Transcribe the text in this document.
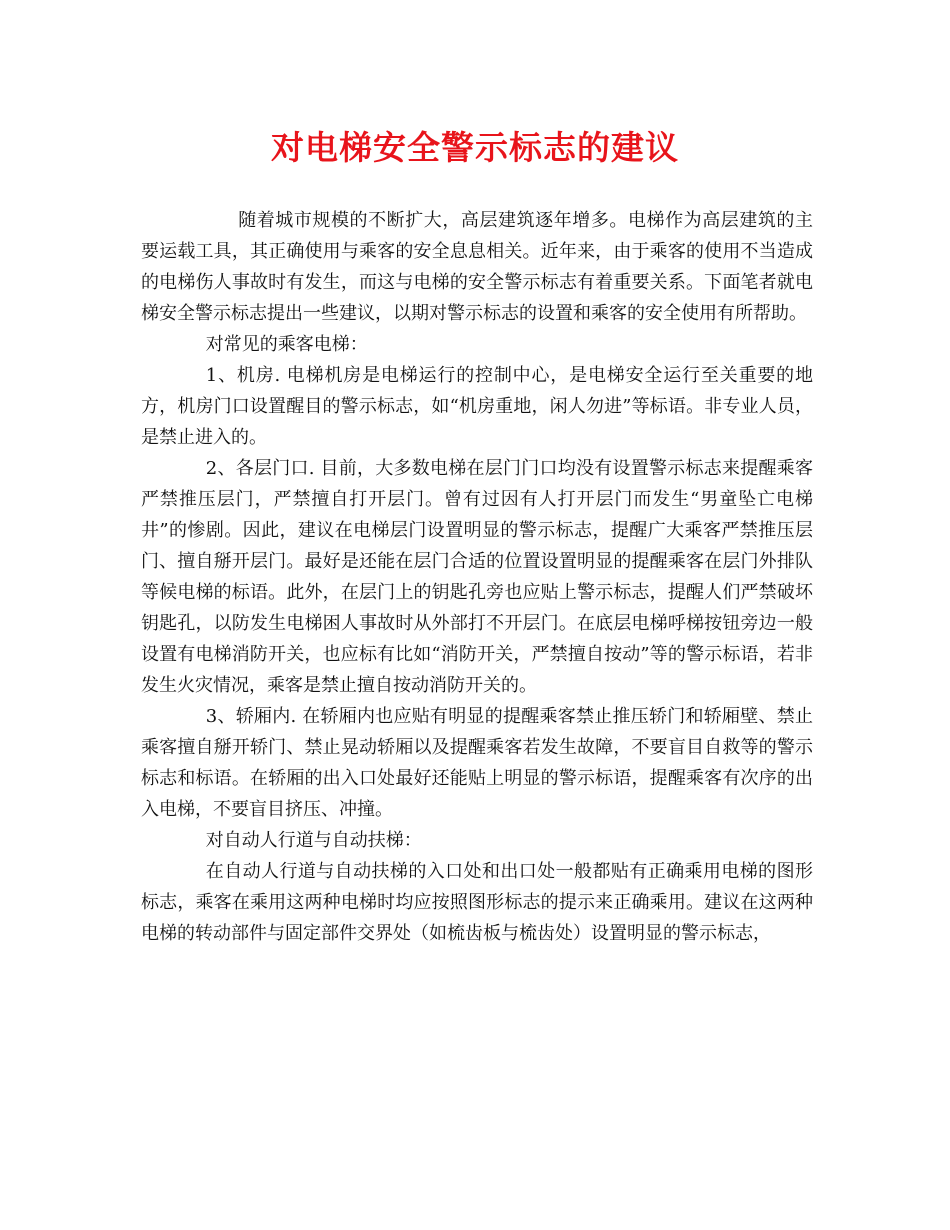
对电梯安全警示标志的建议

随着城市规模的不断扩大，高层建筑逐年增多。电梯作为高层建筑的主要运载工具，其正确使用与乘客的安全息息相关。近年来，由于乘客的使用不当造成的电梯伤人事故时有发生，而这与电梯的安全警示标志有着重要关系。下面笔者就电梯安全警示标志提出一些建议，以期对警示标志的设置和乘客的安全使用有所帮助。

对常见的乘客电梯：

1、机房. 电梯机房是电梯运行的控制中心，是电梯安全运行至关重要的地方，机房门口设置醒目的警示标志，如“机房重地，闲人勿进”等标语。非专业人员，是禁止进入的。

2、各层门口. 目前，大多数电梯在层门门口均没有设置警示标志来提醒乘客严禁推压层门，严禁擅自打开层门。曾有过因有人打开层门而发生“男童坠亡电梯井”的惨剧。因此，建议在电梯层门设置明显的警示标志，提醒广大乘客严禁推压层门、擅自掰开层门。最好是还能在层门合适的位置设置明显的提醒乘客在层门外排队等候电梯的标语。此外，在层门上的钥匙孔旁也应贴上警示标志，提醒人们严禁破坏钥匙孔，以防发生电梯困人事故时从外部打不开层门。在底层电梯呼梯按钮旁边一般设置有电梯消防开关，也应标有比如“消防开关，严禁擅自按动”等的警示标语，若非发生火灾情况，乘客是禁止擅自按动消防开关的。

3、轿厢内. 在轿厢内也应贴有明显的提醒乘客禁止推压轿门和轿厢壁、禁止乘客擅自掰开轿门、禁止晃动轿厢以及提醒乘客若发生故障，不要盲目自救等的警示标志和标语。在轿厢的出入口处最好还能贴上明显的警示标语，提醒乘客有次序的出入电梯，不要盲目挤压、冲撞。

对自动人行道与自动扶梯：

在自动人行道与自动扶梯的入口处和出口处一般都贴有正确乘用电梯的图形标志，乘客在乘用这两种电梯时均应按照图形标志的提示来正确乘用。建议在这两种电梯的转动部件与固定部件交界处（如梳齿板与梳齿处）设置明显的警示标志，
